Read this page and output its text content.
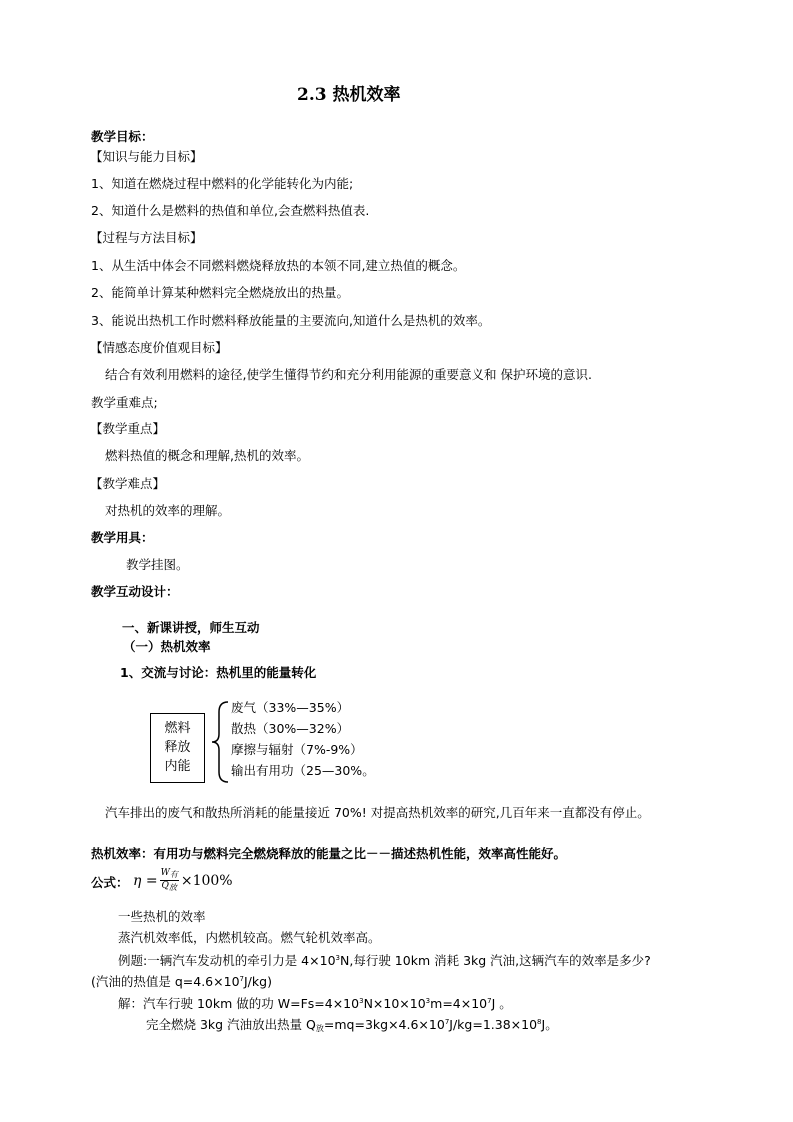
2.3 热机效率
教学目标：
【知识与能力目标】
1、知道在燃烧过程中燃料的化学能转化为内能;
2、知道什么是燃料的热值和单位,会查燃料热值表.
【过程与方法目标】
1、从生活中体会不同燃料燃烧释放热的本领不同,建立热值的概念。
2、能简单计算某种燃料完全燃烧放出的热量。
3、能说出热机工作时燃料释放能量的主要流向,知道什么是热机的效率。
【情感态度价值观目标】
结合有效利用燃料的途径,使学生懂得节约和充分利用能源的重要意义和 保护环境的意识.
教学重难点;
【教学重点】
燃料热值的概念和理解,热机的效率。
【教学难点】
对热机的效率的理解。
教学用具：
教学挂图。
教学互动设计：
一、新课讲授，师生互动
（一）热机效率
1、交流与讨论：热机里的能量转化
燃料
释放
内能
废气（33%—35%）
散热（30%—32%）
摩擦与辐射（7%-9%）
输出有用功（25—30%。
汽车排出的废气和散热所消耗的能量接近 70%! 对提高热机效率的研究,几百年来一直都没有停止。
热机效率：有用功与燃料完全燃烧释放的能量之比－－描述热机性能，效率高性能好。
公式： $\eta = \frac{\text{W有}}{\text{Q放}} \times 100\%$
一些热机的效率
蒸汽机效率低，内燃机较高。燃气轮机效率高。
例题:一辆汽车发动机的牵引力是 $4\times 10^3N$,每行驶 10km 消耗 3kg 汽油,这辆汽车的效率是多少?
(汽油的热值是 $q=4.6\times 10^7J/kg$)
解：汽车行驶 10km 做的功 $W=Fs=4\times 10^3N\times 10\times 10^3m=4\times 10^7J$ 。
完全燃烧 3kg 汽油放出热量 $Q_放=mq=3kg\times 4.6\times 10^7J/kg=1.38\times 10^8J$。
